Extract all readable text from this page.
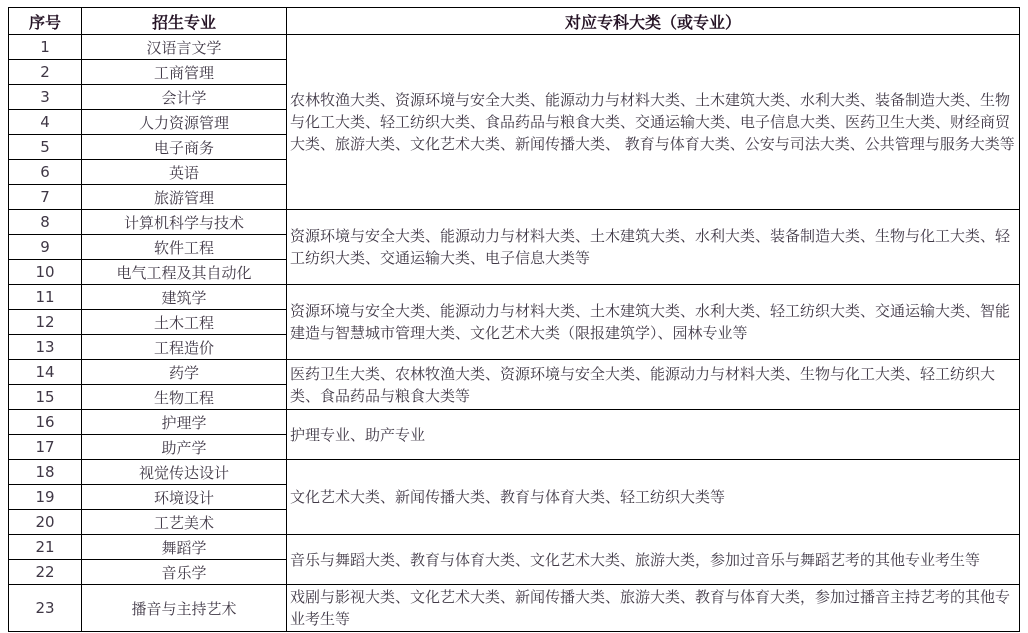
序号	招生专业	对应专科大类（或专业）
1	汉语言文学	农林牧渔大类、资源环境与安全大类、能源动力与材料大类、土木建筑大类、水利大类、装备制造大类、生物与化工大类、轻工纺织大类、食品药品与粮食大类、交通运输大类、电子信息大类、医药卫生大类、财经商贸大类、旅游大类、文化艺术大类、新闻传播大类、 教育与体育大类、公安与司法大类、公共管理与服务大类等
2	工商管理	
3	会计学	
4	人力资源管理	
5	电子商务	
6	英语	
7	旅游管理	
8	计算机科学与技术	资源环境与安全大类、能源动力与材料大类、土木建筑大类、水利大类、装备制造大类、生物与化工大类、轻工纺织大类、交通运输大类、电子信息大类等
9	软件工程	
10	电气工程及其自动化	
11	建筑学	资源环境与安全大类、能源动力与材料大类、土木建筑大类、水利大类、轻工纺织大类、交通运输大类、智能建造与智慧城市管理大类、文化艺术大类（限报建筑学）、园林专业等
12	土木工程	
13	工程造价	
14	药学	医药卫生大类、农林牧渔大类、资源环境与安全大类、能源动力与材料大类、生物与化工大类、轻工纺织大类、食品药品与粮食大类等
15	生物工程	
16	护理学	护理专业、助产专业
17	助产学	
18	视觉传达设计	文化艺术大类、新闻传播大类、教育与体育大类、轻工纺织大类等
19	环境设计	
20	工艺美术	
21	舞蹈学	音乐与舞蹈大类、教育与体育大类、文化艺术大类、旅游大类，参加过音乐与舞蹈艺考的其他专业考生等
22	音乐学	
23	播音与主持艺术	戏剧与影视大类、文化艺术大类、新闻传播大类、旅游大类、教育与体育大类，参加过播音主持艺考的其他专业考生等
